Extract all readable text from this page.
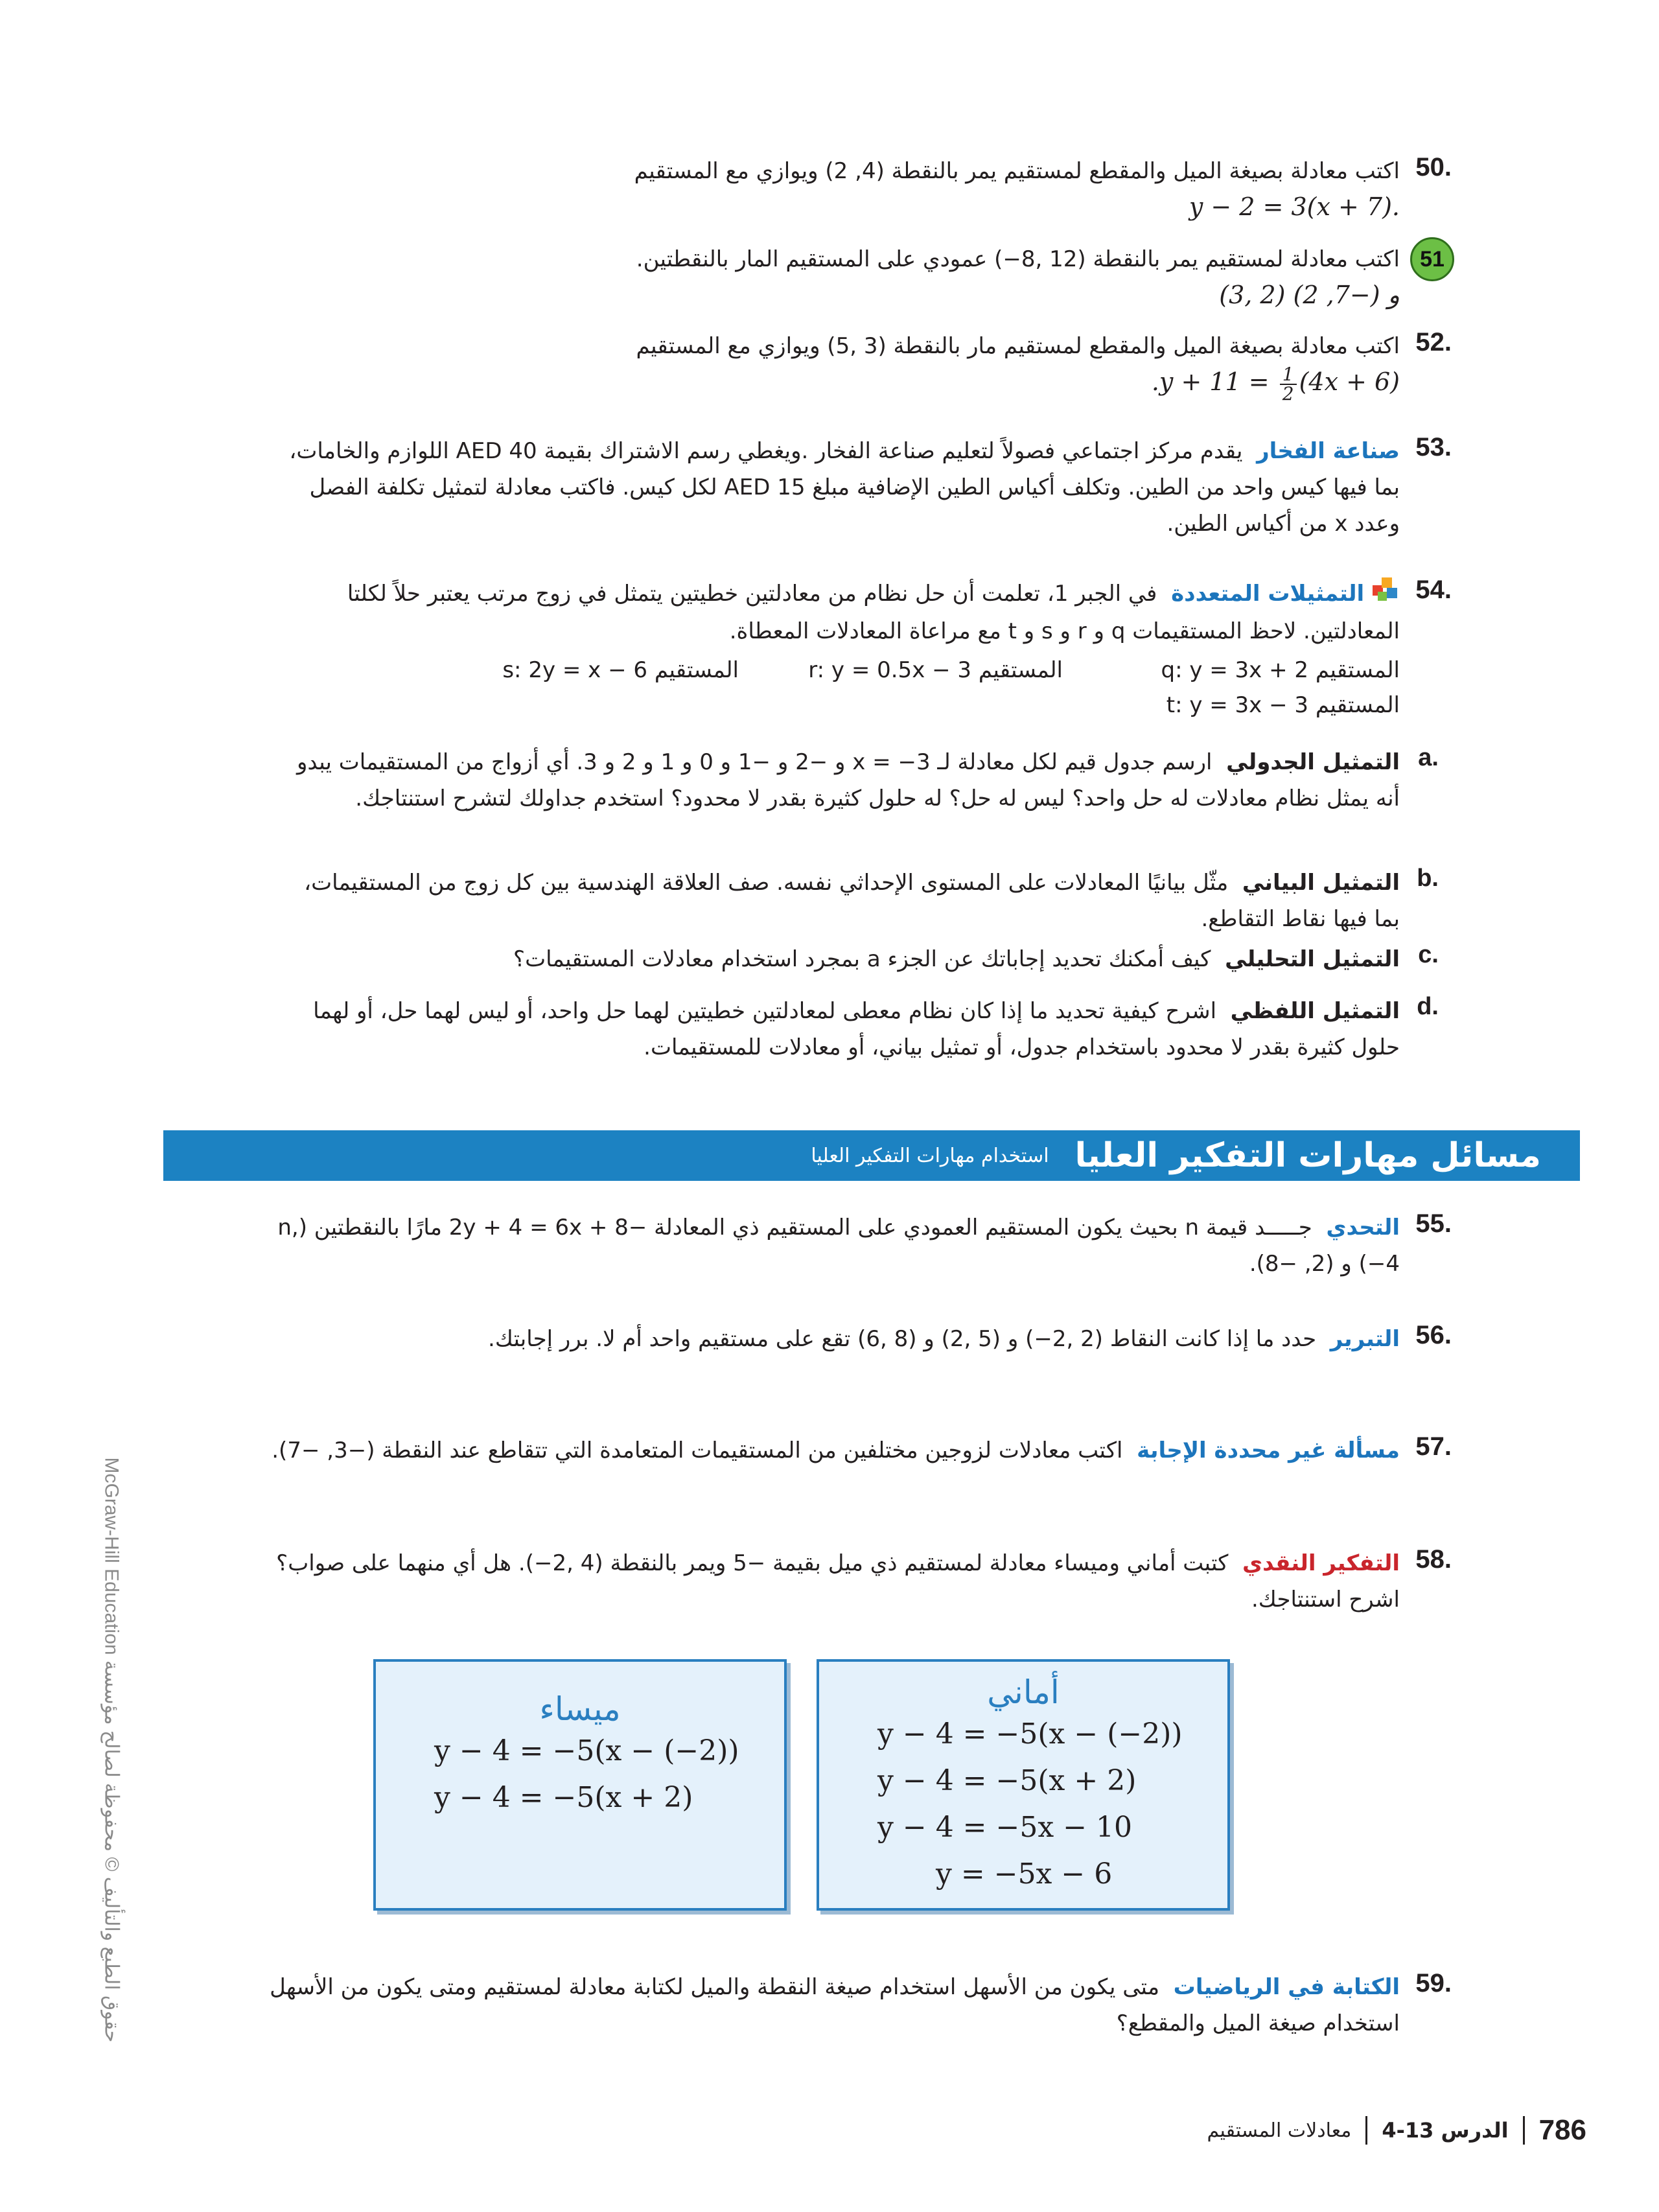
حقوق الطبع والتأليف © محفوظة لصالح مؤسسة McGraw-Hill Education
50.

اكتب معادلة بصيغة الميل والمقطع لمستقيم يمر بالنقطة (4, 2) ويوازي مع المستقيم

y − 2 = 3(x + 7).
51

اكتب معادلة لمستقيم يمر بالنقطة (12 ,8−) عمودي على المستقيم المار بالنقطتين.

(3, 2) و (−7, 2)
52.

اكتب معادلة بصيغة الميل والمقطع لمستقيم مار بالنقطة (3 ,5) ويوازي مع المستقيم

$.y + 11 = \frac{1}{2} (4x + 6)$
53.

صناعة الفخار  يقدم مركز اجتماعي فصولاً لتعليم صناعة الفخار .ويغطي رسم الاشتراك بقيمة AED 40 اللوازم والخامات، بما فيها كيس واحد من الطين. وتكلف أكياس الطين الإضافية مبلغ AED 15 لكل كيس. فاكتب معادلة لتمثيل تكلفة الفصل وعدد x من أكياس الطين.

54.

التمثيلات المتعددة  في الجبر 1، تعلمت أن حل نظام من معادلتين خطيتين يتمثل في زوج مرتب يعتبر حلاً لكلتا المعادلتين. لاحظ المستقيمات q و r و s و t مع مراعاة المعادلات المعطاة.

المستقيم q: y = 3x + 2
المستقيم r: y = 0.5x − 3
المستقيم s: 2y = x − 6
المستقيم t: y = 3x − 3
a.

التمثيل الجدولي  ارسم جدول قيم لكل معادلة لـ x = −3 و −2 و −1 و 0 و 1 و 2 و 3. أي أزواج من المستقيمات يبدو أنه يمثل نظام معادلات له حل واحد؟ ليس له حل؟ له حلول كثيرة بقدر لا محدود؟ استخدم جداولك لتشرح استنتاجك.

b.

التمثيل البياني  مثّل بيانيًا المعادلات على المستوى الإحداثي نفسه. صف العلاقة الهندسية بين كل زوج من المستقيمات، بما فيها نقاط التقاطع.

c.

التمثيل التحليلي  كيف أمكنك تحديد إجاباتك عن الجزء a بمجرد استخدام معادلات المستقيمات؟

d.

التمثيل اللفظي  اشرح كيفية تحديد ما إذا كان نظام معطى لمعادلتين خطيتين لهما حل واحد، أو ليس لهما حل، أو لهما حلول كثيرة بقدر لا محدود باستخدام جدول، أو تمثيل بياني، أو معادلات للمستقيمات.

مسائل مهارات التفكير العليا
استخدام مهارات التفكير العليا
55.

التحدي  جـــــد قيمة n بحيث يكون المستقيم العمودي على المستقيم ذي المعادلة −2y + 4 = 6x + 8 مارًا بالنقطتين (n, −4) و (2, −8).

56.

التبرير  حدد ما إذا كانت النقاط (2 ,2−) و (5 ,2) و (8 ,6) تقع على مستقيم واحد أم لا. برر إجابتك.

57.

مسألة غير محددة الإجابة  اكتب معادلات لزوجين مختلفين من المستقيمات المتعامدة التي تتقاطع عند النقطة (−3, −7).

58.

التفكير النقدي  كتبت أماني وميساء معادلة لمستقيم ذي ميل بقيمة −5 ويمر بالنقطة (4 ,2−). هل أي منهما على صواب؟ اشرح استنتاجك.

أماني
y − 4 = −5(x − (−2))
y − 4 = −5(x + 2)
y − 4 = −5x − 10
y = −5x − 6
ميساء
y − 4 = −5(x − (−2))
y − 4 = −5(x + 2)
59.

الكتابة في الرياضيات  متى يكون من الأسهل استخدام صيغة النقطة والميل لكتابة معادلة لمستقيم ومتى يكون من الأسهل استخدام صيغة الميل والمقطع؟

معادلات المستقيم الدرس 13-4 786
